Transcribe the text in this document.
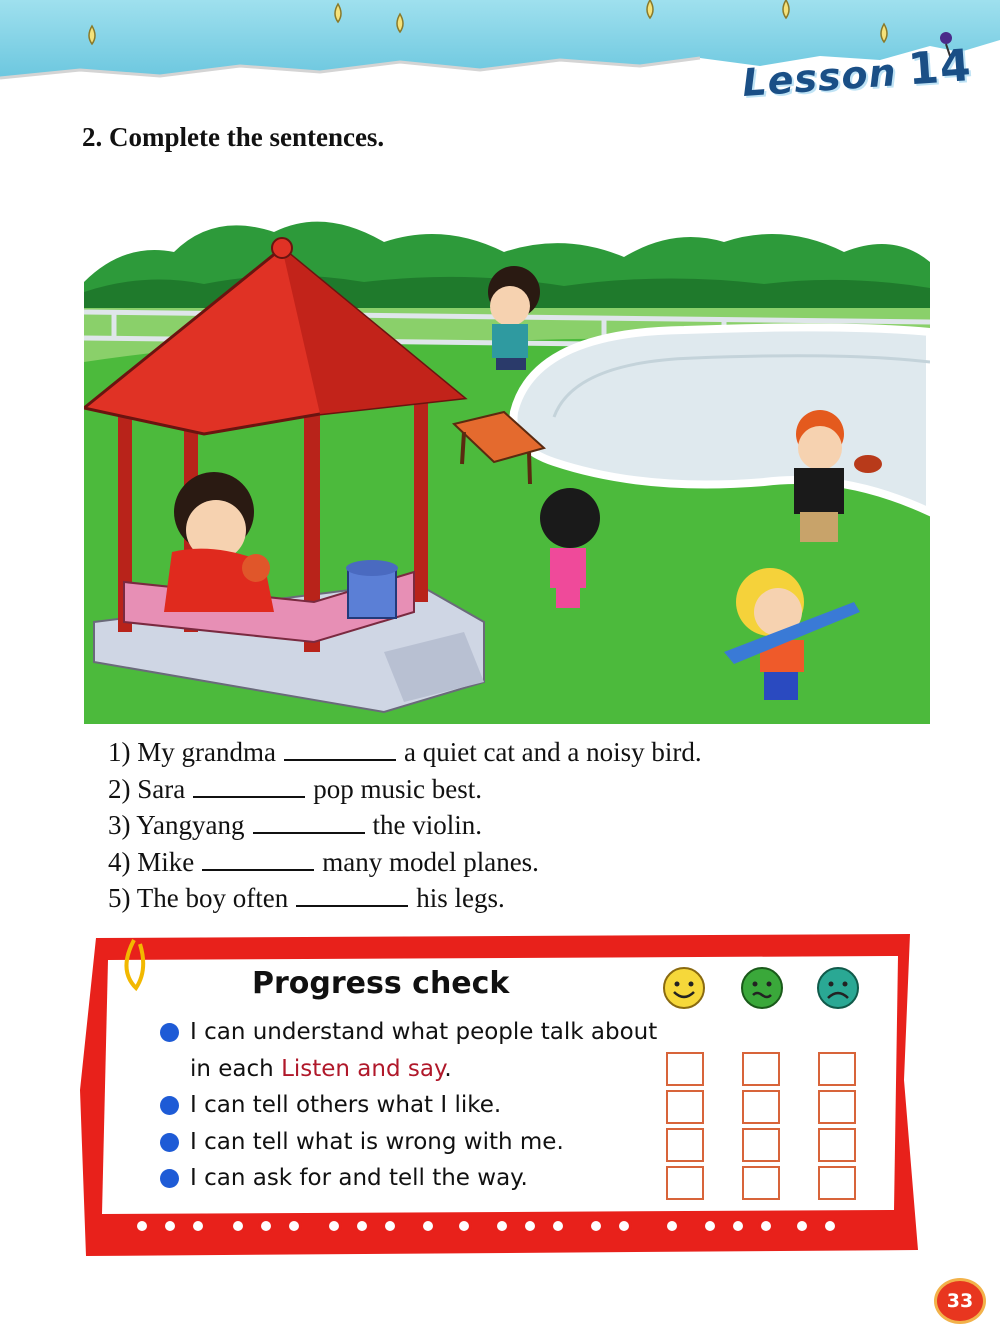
Lesson 14
2. Complete the sentences.
1) My grandma	a quiet cat and a noisy bird.
2) Sara	pop music best.
3) Yangyang	the violin.
4) Mike	many model planes.
5) The boy often	his legs.
Progress check
I can understand what people talk about in each Listen and say.
I can tell others what I like.
I can tell what is wrong with me.
I can ask for and tell the way.
33
